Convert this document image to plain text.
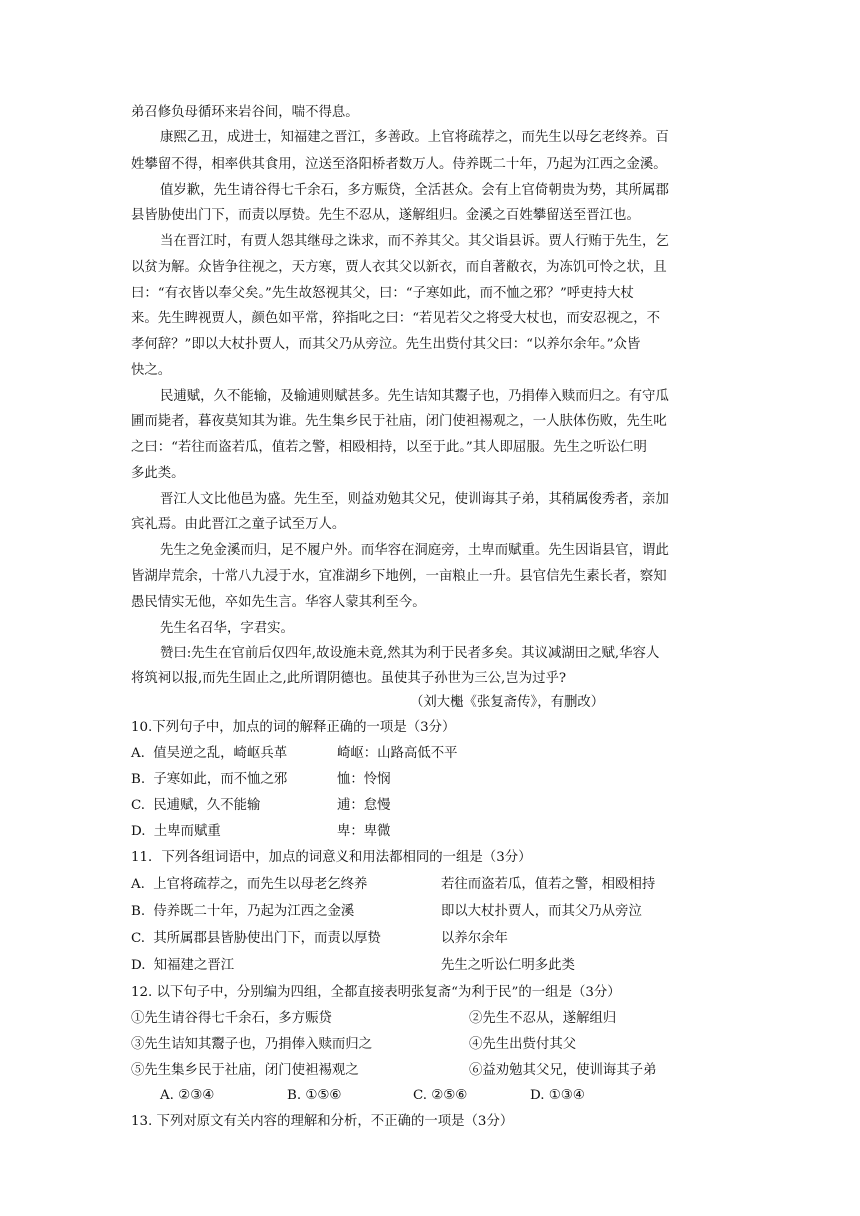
弟召修负母循环来岩谷间，喘不得息。
康熙乙丑，成进士，知福建之晋江，多善政。上官将疏荐之，而先生以母乞老终养。百
姓攀留不得，相率供其食用，泣送至洛阳桥者数万人。侍养既二十年，乃起为江西之金溪。
值岁歉，先生请谷得七千余石，多方赈贷，全活甚众。会有上官倚朝贵为势，其所属郡
县皆胁使出门下，而责以厚贽。先生不忍从，遂解组归。金溪之百姓攀留送至晋江也。
当在晋江时，有贾人怨其继母之诛求，而不养其父。其父诣县诉。贾人行贿于先生，乞
以贫为解。众皆争往视之，天方寒，贾人衣其父以新衣，而自著敝衣，为冻饥可怜之状，且
曰：“有衣皆以奉父矣。”先生故怒视其父，曰：“子寒如此，而不恤之邪？”呼吏持大杖
来。先生睥视贾人，颜色如平常，猝指叱之曰：“若见若父之将受大杖也，而安忍视之，不
孝何辞？”即以大杖扑贾人，而其父乃从旁泣。先生出赀付其父曰：“以养尔余年。”众皆
快之。
民逋赋，久不能输，及输逋则赋甚多。先生诘知其鬻子也，乃捐俸入赎而归之。有守瓜
圃而毙者，暮夜莫知其为谁。先生集乡民于社庙，闭门使袒裼观之，一人肤体伤败，先生叱
之曰：“若往而盗若瓜，值若之警，相殴相持，以至于此。”其人即屈服。先生之听讼仁明
多此类。
晋江人文比他邑为盛。先生至，则益劝勉其父兄，使训诲其子弟，其稍属俊秀者，亲加
宾礼焉。由此晋江之童子试至万人。
先生之免金溪而归，足不履户外。而华容在洞庭旁，土卑而赋重。先生因诣县官，谓此
皆湖岸荒余，十常八九浸于水，宜准湖乡下地例，一亩粮止一升。县官信先生素长者，察知
愚民情实无他，卒如先生言。华容人蒙其利至今。
先生名召华，字君实。
赞曰:先生在官前后仅四年,故设施未竟,然其为利于民者多矣。其议减湖田之赋,华容人
将筑祠以报,而先生固止之,此所谓阴德也。虽使其子孙世为三公,岂为过乎?
（刘大櫆《张复斋传》，有删改）
10.下列句子中，加点的词的解释正确的一项是（3分）
A. 值吴逆之乱，崎岖兵革	崎岖：山路高低不平
B. 子寒如此，而不恤之邪	恤：怜悯
C. 民逋赋，久不能输	逋：怠慢
D. 土卑而赋重	卑：卑微
11．下列各组词语中，加点的词意义和用法都相同的一组是（3分）
A. 上官将疏荐之，而先生以母老乞终养	若往而盗若瓜，值若之警，相殴相持
B. 侍养既二十年，乃起为江西之金溪	即以大杖扑贾人，而其父乃从旁泣
C. 其所属郡县皆胁使出门下，而责以厚贽	以养尔余年
D. 知福建之晋江	先生之听讼仁明多此类
12. 以下句子中，分别编为四组，全都直接表明张复斋“为利于民”的一组是（3分）
①先生请谷得七千余石，多方赈贷	②先生不忍从，遂解组归
③先生诘知其鬻子也，乃捐俸入赎而归之	④先生出赀付其父
⑤先生集乡民于社庙，闭门使袒裼观之	⑥益劝勉其父兄，使训诲其子弟
A. ②③④	B. ①⑤⑥	C. ②⑤⑥	D. ①③④
13. 下列对原文有关内容的理解和分析，不正确的一项是（3分）
